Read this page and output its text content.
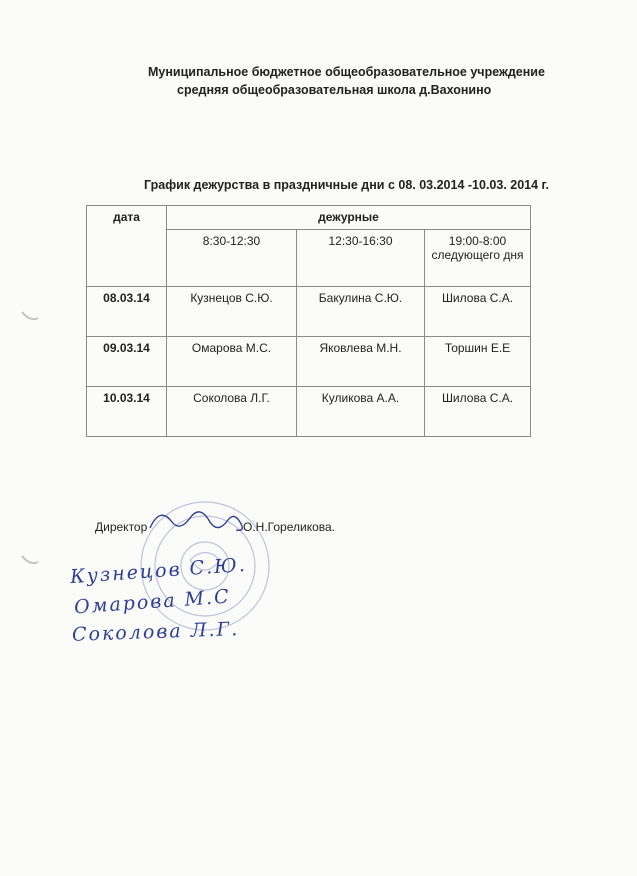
Муниципальное бюджетное общеобразовательное учреждение
средняя общеобразовательная школа д.Вахонино
График дежурства в праздничные дни с 08. 03.2014 -10.03. 2014 г.
дата	дежурные		
	8:30-12:30	12:30-16:30	19:00-8:00 следующего дня
08.03.14	Кузнецов С.Ю.	Бакулина С.Ю.	Шилова С.А.
09.03.14	Омарова М.С.	Яковлева М.Н.	Торшин Е.Е
10.03.14	Соколова Л.Г.	Куликова А.А.	Шилова С.А.
Директор	О.Н.Гореликова.
Кузнецов С.Ю.
Омарова М.С
Соколова Л.Г.
